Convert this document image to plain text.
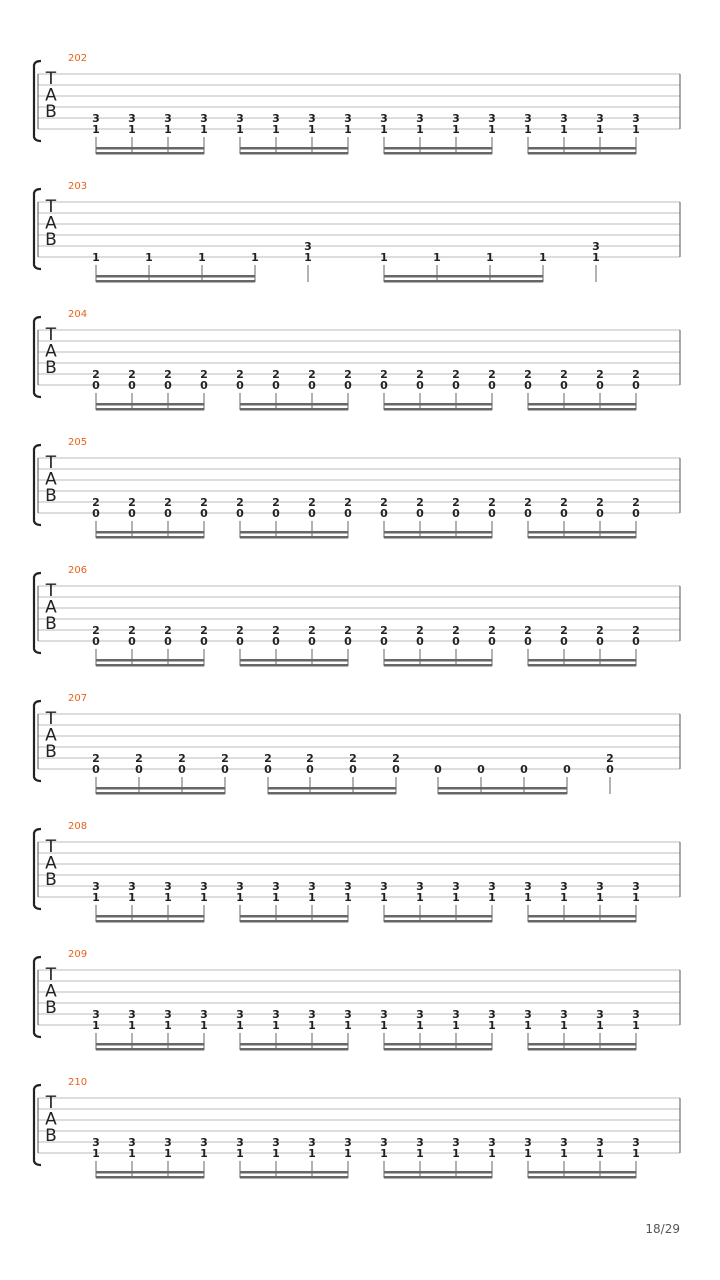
202
T
A
B	3
1
3
1
3
1
3
1
3
1
3
1
3
1
3
1
3
1
3
1
3
1
3
1
3
1
3
1
3
1
3
1
203
T
A
B
1	1	1	1
3
1	1	1	1	1
3
1
204
T
A
B	2
0
2
0
2
0
2
0
2
0
2
0
2
0
2
0
2
0
2
0
2
0
2
0
2
0
2
0
2
0
2
0
205
T
A
B	2
0
2
0
2
0
2
0
2
0
2
0
2
0
2
0
2
0
2
0
2
0
2
0
2
0
2
0
2
0
2
0
206
T
A
B	2
0
2
0
2
0
2
0
2
0
2
0
2
0
2
0
2
0
2
0
2
0
2
0
2
0
2
0
2
0
2
0
207
T
A
B	2
0
2
0
2
0
2
0
2
0
2
0
2
0
2
0	0	0	0	0
2
0
208
T
A
B	3
1
3
1
3
1
3
1
3
1
3
1
3
1
3
1
3
1
3
1
3
1
3
1
3
1
3
1
3
1
3
1
209
T
A
B	3
1
3
1
3
1
3
1
3
1
3
1
3
1
3
1
3
1
3
1
3
1
3
1
3
1
3
1
3
1
3
1
210
T
A
B	3
1
3
1
3
1
3
1
3
1
3
1
3
1
3
1
3
1
3
1
3
1
3
1
3
1
3
1
3
1
3
1
18/29
